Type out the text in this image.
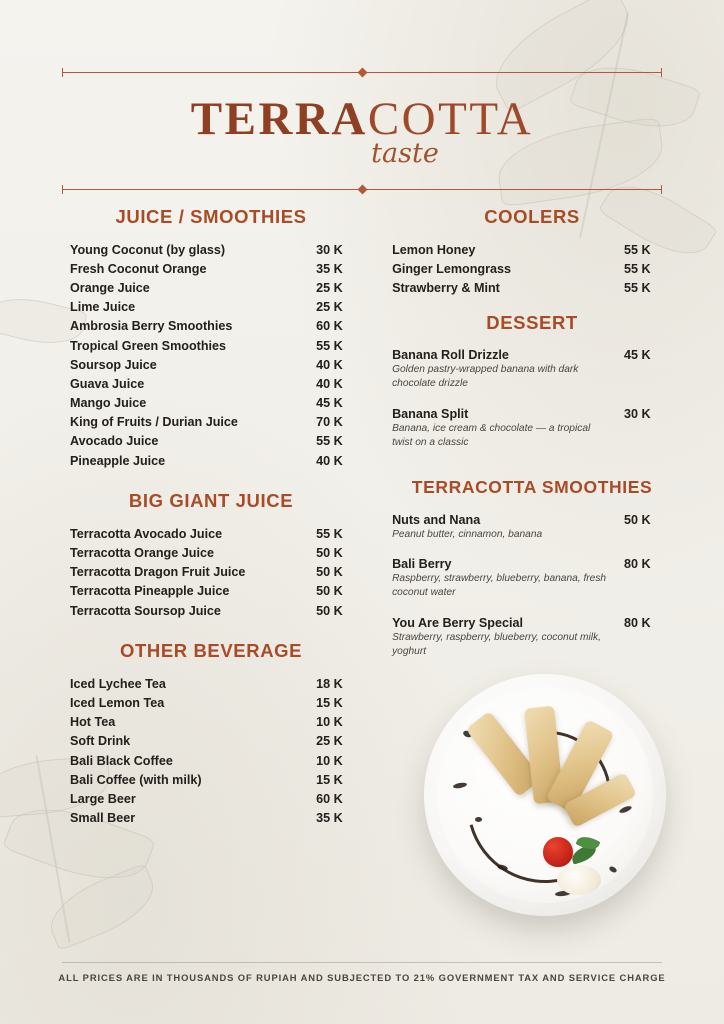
TERRACOTTA
taste
JUICE / SMOOTHIES
Young Coconut (by glass)	30 K
Fresh Coconut Orange	35 K
Orange Juice	25 K
Lime Juice	25 K
Ambrosia Berry Smoothies	60 K
Tropical Green Smoothies	55 K
Soursop Juice	40 K
Guava Juice	40 K
Mango Juice	45 K
King of Fruits / Durian Juice	70 K
Avocado Juice	55 K
Pineapple Juice	40 K
BIG GIANT JUICE
Terracotta Avocado Juice	55 K
Terracotta Orange Juice	50 K
Terracotta Dragon Fruit Juice	50 K
Terracotta Pineapple Juice	50 K
Terracotta Soursop Juice	50 K
OTHER BEVERAGE
Iced Lychee Tea	18 K
Iced Lemon Tea	15 K
Hot Tea	10 K
Soft Drink	25 K
Bali Black Coffee	10 K
Bali Coffee (with milk)	15 K
Large Beer	60 K
Small Beer	35 K
COOLERS
Lemon Honey	55 K
Ginger Lemongrass	55 K
Strawberry & Mint	55 K
DESSERT
Banana Roll Drizzle	45 K
Golden pastry-wrapped banana with dark chocolate drizzle
Banana Split	30 K
Banana, ice cream & chocolate — a tropical twist on a classic
TERRACOTTA SMOOTHIES
Nuts and Nana	50 K
Peanut butter, cinnamon, banana
Bali Berry	80 K
Raspberry, strawberry, blueberry, banana, fresh coconut water
You Are Berry Special	80 K
Strawberry, raspberry, blueberry, coconut milk, yoghurt
ALL PRICES ARE IN THOUSANDS OF RUPIAH AND SUBJECTED TO 21% GOVERNMENT TAX AND SERVICE CHARGE
